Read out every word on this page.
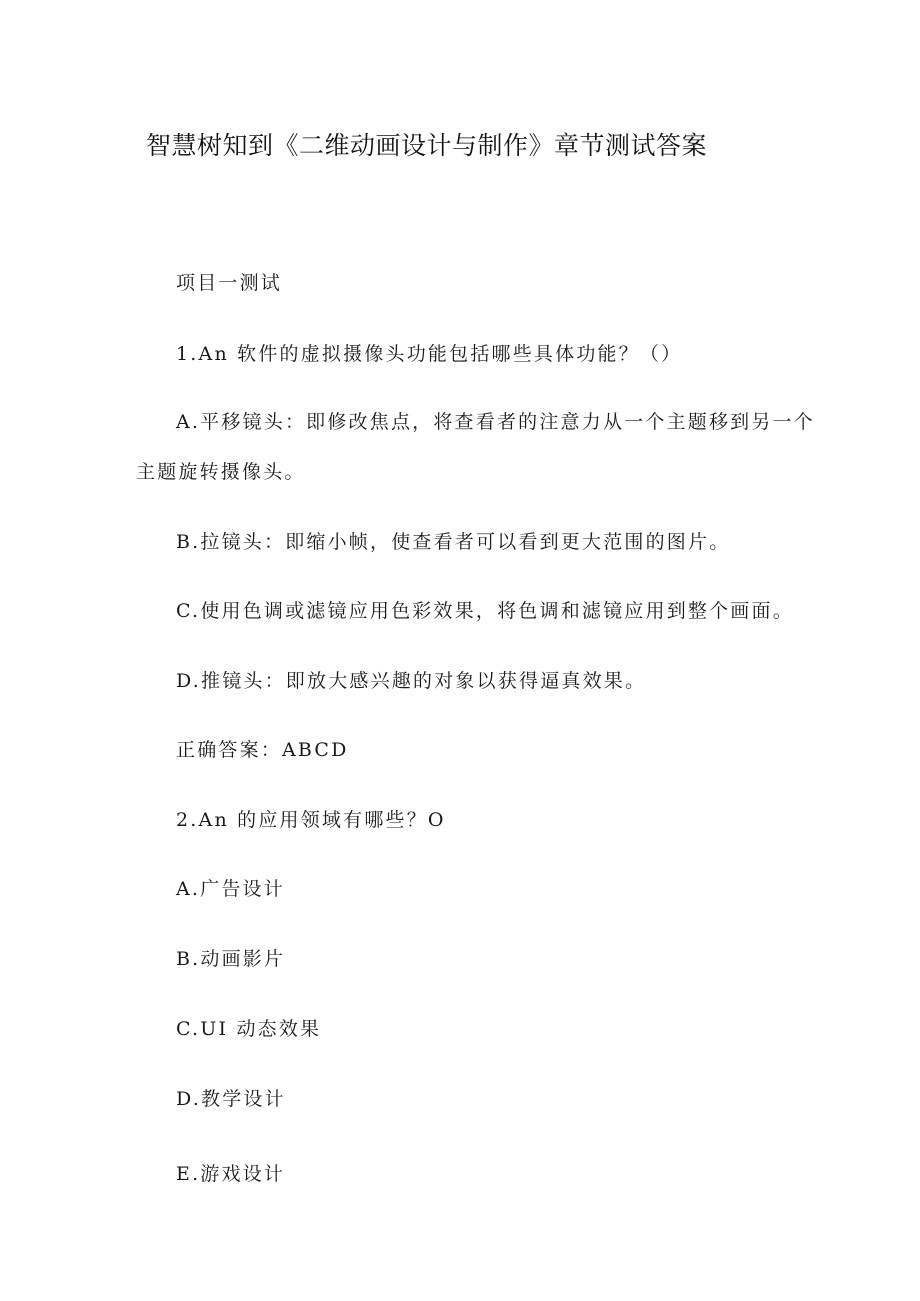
智慧树知到《二维动画设计与制作》章节测试答案

项目一测试

1.An 软件的虚拟摄像头功能包括哪些具体功能？（）

A.平移镜头：即修改焦点，将查看者的注意力从一个主题移到另一个

主题旋转摄像头。

B.拉镜头：即缩小帧，使查看者可以看到更大范围的图片。

C.使用色调或滤镜应用色彩效果，将色调和滤镜应用到整个画面。

D.推镜头：即放大感兴趣的对象以获得逼真效果。

正确答案：ABCD

2.An 的应用领域有哪些？O

A.广告设计

B.动画影片

C.UI 动态效果

D.教学设计

E.游戏设计
